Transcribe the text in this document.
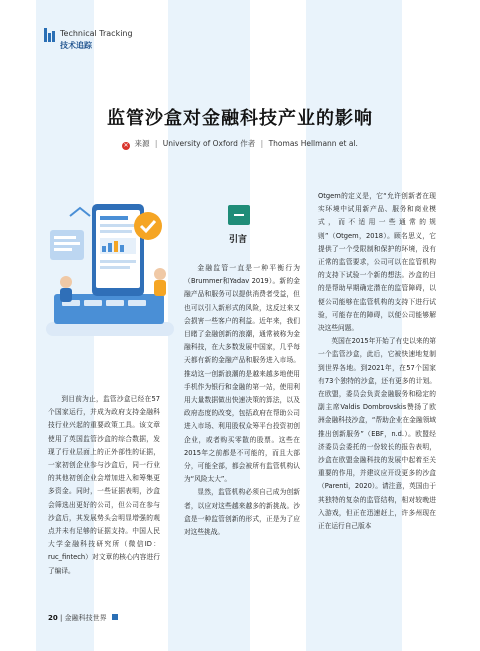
Technical Tracking
技术追踪
监管沙盒对金融科技产业的影响
✕ 来源 | University of Oxford 作者 | Thomas Hellmann et al.
引言

到目前为止，监管沙盒已经在57个国家运行，并成为政府支持金融科技行业兴起的重要政策工具。该文章使用了英国监管沙盒的综合数据，发现了行业层面上的正外部性的证据，一家初创企业参与沙盒后，同一行业的其他初创企业会增加进入和筹集更多资金。同时，一些证据表明，沙盒会筛选出更好的公司，但公司在参与沙盒后，其发展势头会明显增强的观点并未有足够的证据支持。中国人民大学金融科技研究所（微信ID：ruc_fintech）对文章的核心内容进行了编译。

金融监管一直是一种平衡行为（Brummer和Yadav 2019）。新的金融产品和服务可以提供消费者受益，但也可以引入新形式的风险，这反过来又会损害一些客户的利益。近年来，我们目睹了金融创新的浪潮，通常被称为金融科技，在大多数发展中国家，几乎每天都有新的金融产品和服务进入市场。推动这一创新浪潮的是越来越多地使用手机作为银行和金融的第一站，使用利用大量数据做出快速决策的算法，以及政府态度的改变，包括政府在帮助公司进入市场、利用股权众筹平台投资初创企业，或者购买零散的股票。这些在2015年之前都是不可能的，而且大部分，可能全部，都会被所有监管机构认为“风险太大”。

显然，监管机构必须自己成为创新者，以应对这些越来越多的新挑战。沙盒是一种监管创新的形式，正是为了应对这些挑战。

Otgem的定义是，它“允许创新者在现实环境中试用新产品、服务和商业模式，而不适用一些通常的规则”（Otgem，2018）。顾名思义，它提供了一个受限制和保护的环境，没有正常的监管要求，公司可以在监管机构的支持下试验一个新的想法。沙盒的目的是帮助早期确定潜在的监管障碍，以便公司能够在监管机构的支持下进行试验，可能存在的障碍，以便公司能够解决这些问题。

英国在2015年开始了有史以来的第一个监管沙盒，此后，它被快速地复制到世界各地。到2021年，在57个国家有73个独特的沙盒，还有更多的计划。在欧盟，委员会负责金融服务和稳定的副主席Valdis Dombrovskis赞扬了欧洲金融科技沙盒，“帮助企业在金融领域推出创新服务”（EBF，n.d.）。欧盟经济委员会委托的一份较长的报告表明，沙盒在欧盟金融科技的发展中起着至关重要的作用，并建议应开设更多的沙盒（Parenti，2020）。请注意，英国由于其独特的复杂的监管结构，相对较晚进入游戏，但正在迅速赶上，许多州现在正在运行自己版本

20 | 金融科技世界
